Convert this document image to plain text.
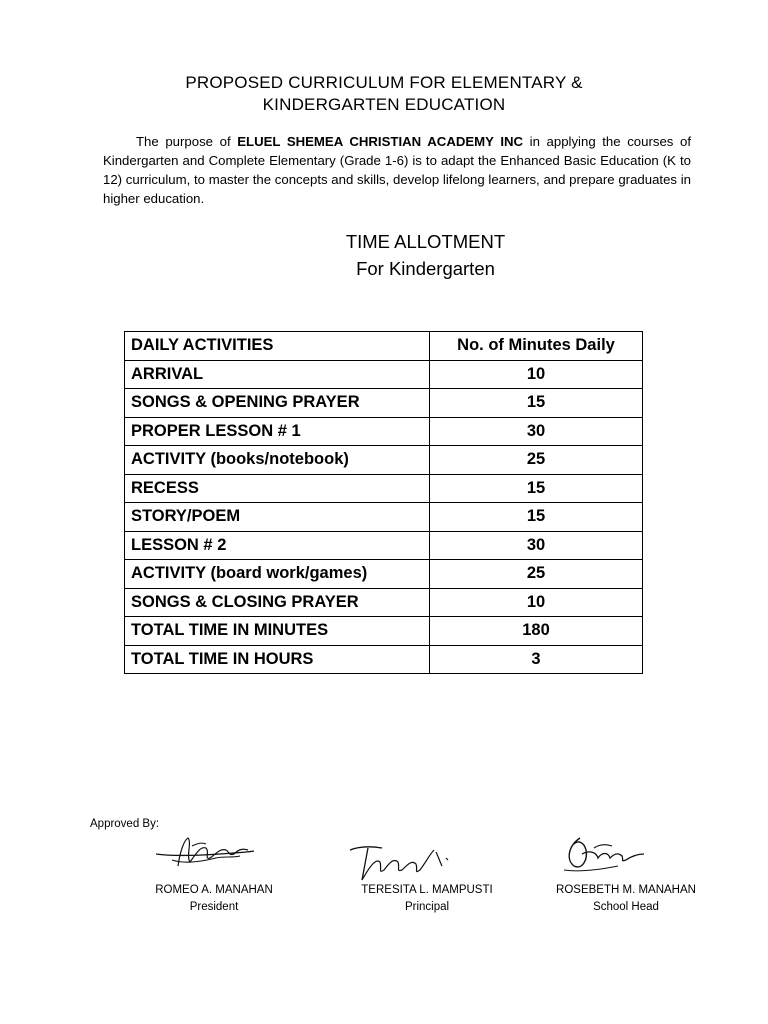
PROPOSED CURRICULUM FOR ELEMENTARY &
KINDERGARTEN EDUCATION
The purpose of ELUEL SHEMEA CHRISTIAN ACADEMY INC in applying the courses of Kindergarten and Complete Elementary (Grade 1-6) is to adapt the Enhanced Basic Education (K to 12) curriculum, to master the concepts and skills, develop lifelong learners, and prepare graduates in higher education.
TIME ALLOTMENT
For Kindergarten
DAILY ACTIVITIES	No. of Minutes Daily
ARRIVAL	10
SONGS & OPENING PRAYER	15
PROPER LESSON # 1	30
ACTIVITY (books/notebook)	25
RECESS	15
STORY/POEM	15
LESSON # 2	30
ACTIVITY (board work/games)	25
SONGS & CLOSING PRAYER	10
TOTAL TIME IN MINUTES	180
TOTAL TIME IN HOURS	3
Approved By:
ROMEO A. MANAHAN
President
TERESITA L. MAMPUSTI
Principal
ROSEBETH M. MANAHAN
School Head
